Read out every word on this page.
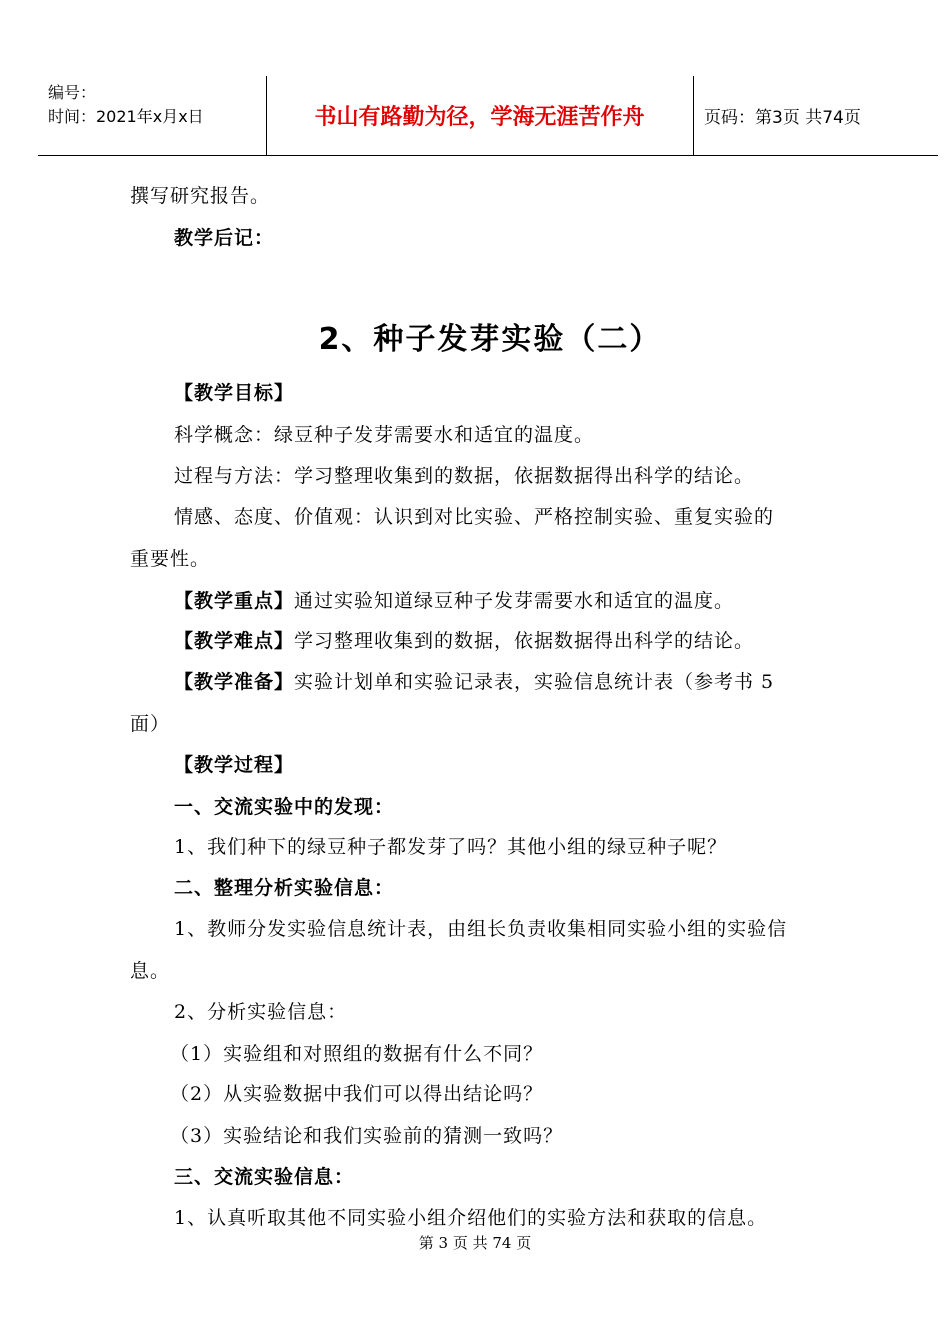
编号：
时间：2021年x月x日	书山有路勤为径，学海无涯苦作舟	页码：第3页 共74页
撰写研究报告。
教学后记：
2、种子发芽实验（二）
【教学目标】
科学概念：绿豆种子发芽需要水和适宜的温度。
过程与方法：学习整理收集到的数据，依据数据得出科学的结论。
情感、态度、价值观：认识到对比实验、严格控制实验、重复实验的
重要性。
【教学重点】通过实验知道绿豆种子发芽需要水和适宜的温度。
【教学难点】学习整理收集到的数据，依据数据得出科学的结论。
【教学准备】实验计划单和实验记录表，实验信息统计表（参考书 5
面）
【教学过程】
一、交流实验中的发现：
1、我们种下的绿豆种子都发芽了吗？其他小组的绿豆种子呢？
二、整理分析实验信息：
1、教师分发实验信息统计表，由组长负责收集相同实验小组的实验信
息。
2、分析实验信息：
（1）实验组和对照组的数据有什么不同？
（2）从实验数据中我们可以得出结论吗？
（3）实验结论和我们实验前的猜测一致吗？
三、交流实验信息：
1、认真听取其他不同实验小组介绍他们的实验方法和获取的信息。
第 3 页 共 74 页
